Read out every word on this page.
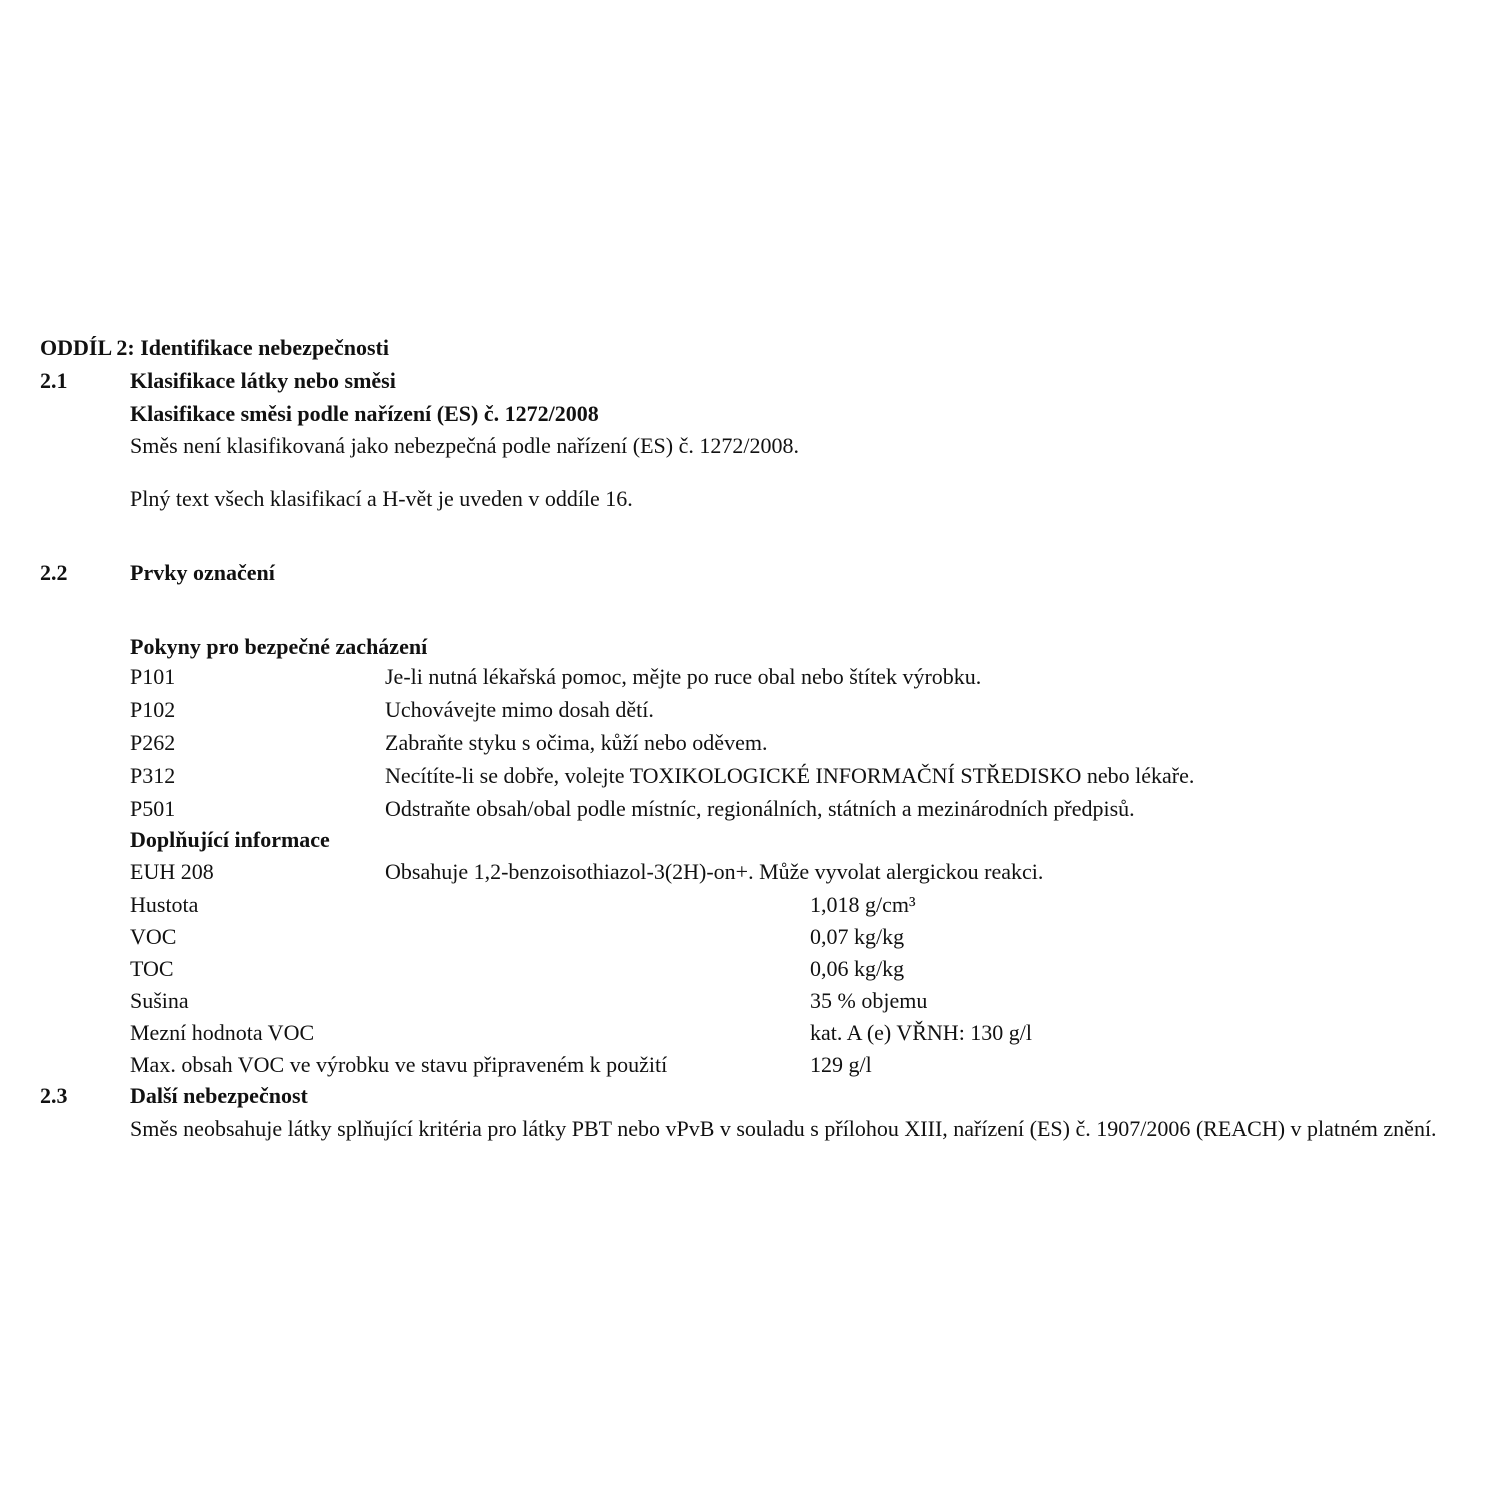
ODDÍL 2: Identifikace nebezpečnosti
2.1	Klasifikace látky nebo směsi
Klasifikace směsi podle nařízení (ES) č. 1272/2008
Směs není klasifikovaná jako nebezpečná podle nařízení (ES) č. 1272/2008.
Plný text všech klasifikací a H-vět je uveden v oddíle 16.
2.2	Prvky označení
Pokyny pro bezpečné zacházení
P101	Je-li nutná lékařská pomoc, mějte po ruce obal nebo štítek výrobku.
P102	Uchovávejte mimo dosah dětí.
P262	Zabraňte styku s očima, kůží nebo oděvem.
P312	Necítíte-li se dobře, volejte TOXIKOLOGICKÉ INFORMAČNÍ STŘEDISKO nebo lékaře.
P501	Odstraňte obsah/obal podle místníc, regionálních, státních a mezinárodních předpisů.
Doplňující informace
EUH 208	Obsahuje 1,2-benzoisothiazol-3(2H)-on+. Může vyvolat alergickou reakci.
Hustota	1,018 g/cm³
VOC	0,07 kg/kg
TOC	0,06 kg/kg
Sušina	35 % objemu
Mezní hodnota VOC	kat. A (e) VŘNH: 130 g/l
Max. obsah VOC ve výrobku ve stavu připraveném k použití	129 g/l
2.3	Další nebezpečnost
Směs neobsahuje látky splňující kritéria pro látky PBT nebo vPvB v souladu s přílohou XIII, nařízení (ES) č. 1907/2006 (REACH) v platném znění.
